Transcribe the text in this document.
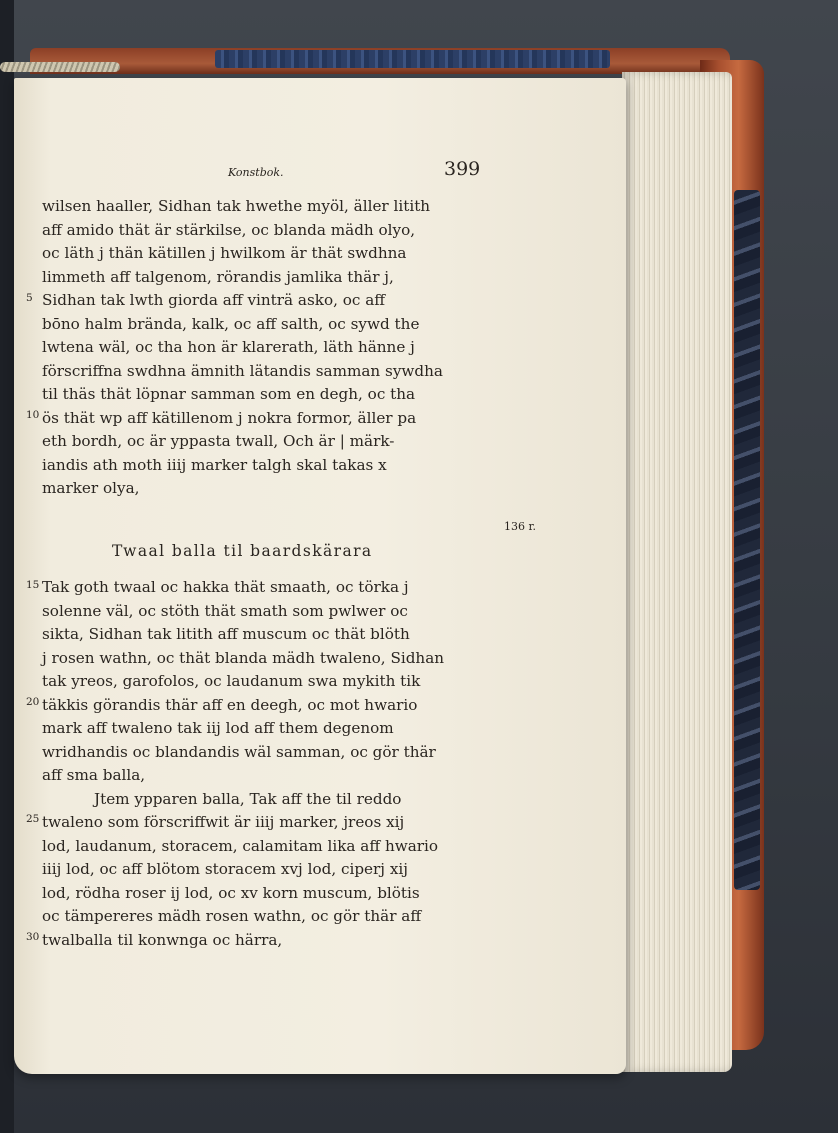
Konstbok.	399
wilsen haaller, Sidhan tak hwethe myöl, äller litith
aff amido thät är stärkilse, oc blanda mädh olyo,
oc läth j thän kätillen j hwilkom är thät swdhna
limmeth aff talgenom, rörandis jamlika thär j,
5 Sidhan tak lwth giorda aff vinträ asko, oc aff
bōno halm brända, kalk, oc aff salth, oc sywd the
lwtena wäl, oc tha hon är klarerath, läth hänne j
förscriffna swdhna ämnith lätandis samman sywdha
til thäs thät löpnar samman som en degh, oc tha
10 ös thät wp aff kätillenom j nokra formor, äller pa
eth bordh, oc är yppasta twall, Och är | märk-
iandis ath moth iiij marker talgh skal takas x
marker olya,
15 Tak goth twaal oc hakka thät smaath, oc törka j
solenne väl, oc stöth thät smath som pwlwer oc
sikta, Sidhan tak litith aff muscum oc thät blöth
j rosen wathn, oc thät blanda mädh twaleno, Sidhan
tak yreos, garofolos, oc laudanum swa mykith tik
20 täkkis görandis thär aff en deegh, oc mot hwario
mark aff twaleno tak iij lod aff them degenom
wridhandis oc blandandis wäl samman, oc gör thär
aff sma balla,
Jtem ypparen balla, Tak aff the til reddo
25 twaleno som förscriffwit är iiij marker, jreos xij
lod, laudanum, storacem, calamitam lika aff hwario
iiij lod, oc aff blötom storacem xvj lod, ciperj xij
lod, rödha roser ij lod, oc xv korn muscum, blötis
oc tämpereres mädh rosen wathn, oc gör thär aff
30 twalballa til konwnga oc härra,
Twaal balla til baardskärara
136 r.
